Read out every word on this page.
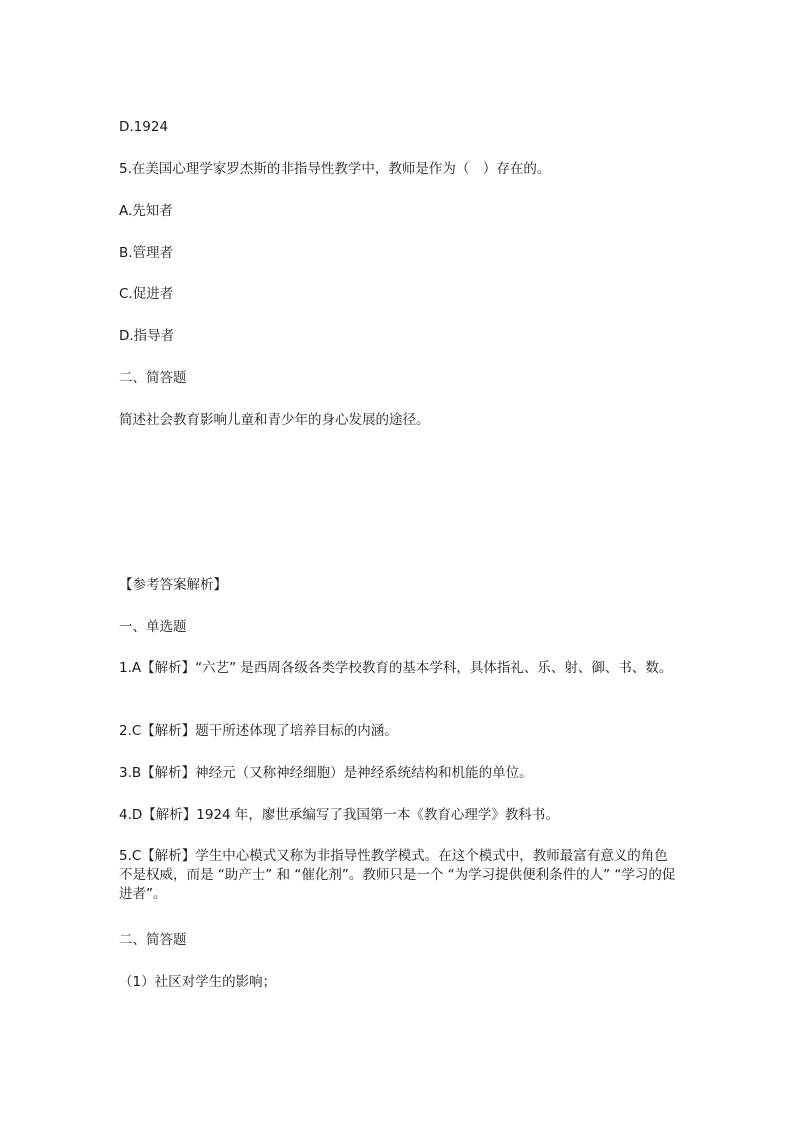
D.1924
5.在美国心理学家罗杰斯的非指导性教学中，教师是作为（　）存在的。
A.先知者
B.管理者
C.促进者
D.指导者
二、简答题
简述社会教育影响儿童和青少年的身心发展的途径。
【参考答案解析】
一、单选题
1.A【解析】“六艺” 是西周各级各类学校教育的基本学科，具体指礼、乐、射、御、书、数。
2.C【解析】题干所述体现了培养目标的内涵。
3.B【解析】神经元（又称神经细胞）是神经系统结构和机能的单位。
4.D【解析】1924 年，廖世承编写了我国第一本《教育心理学》教科书。
5.C【解析】学生中心模式又称为非指导性教学模式。在这个模式中，教师最富有意义的角色不是权威，而是 “助产士” 和 “催化剂”。教师只是一个 “为学习提供便利条件的人” “学习的促进者”。
二、简答题
（1）社区对学生的影响；
